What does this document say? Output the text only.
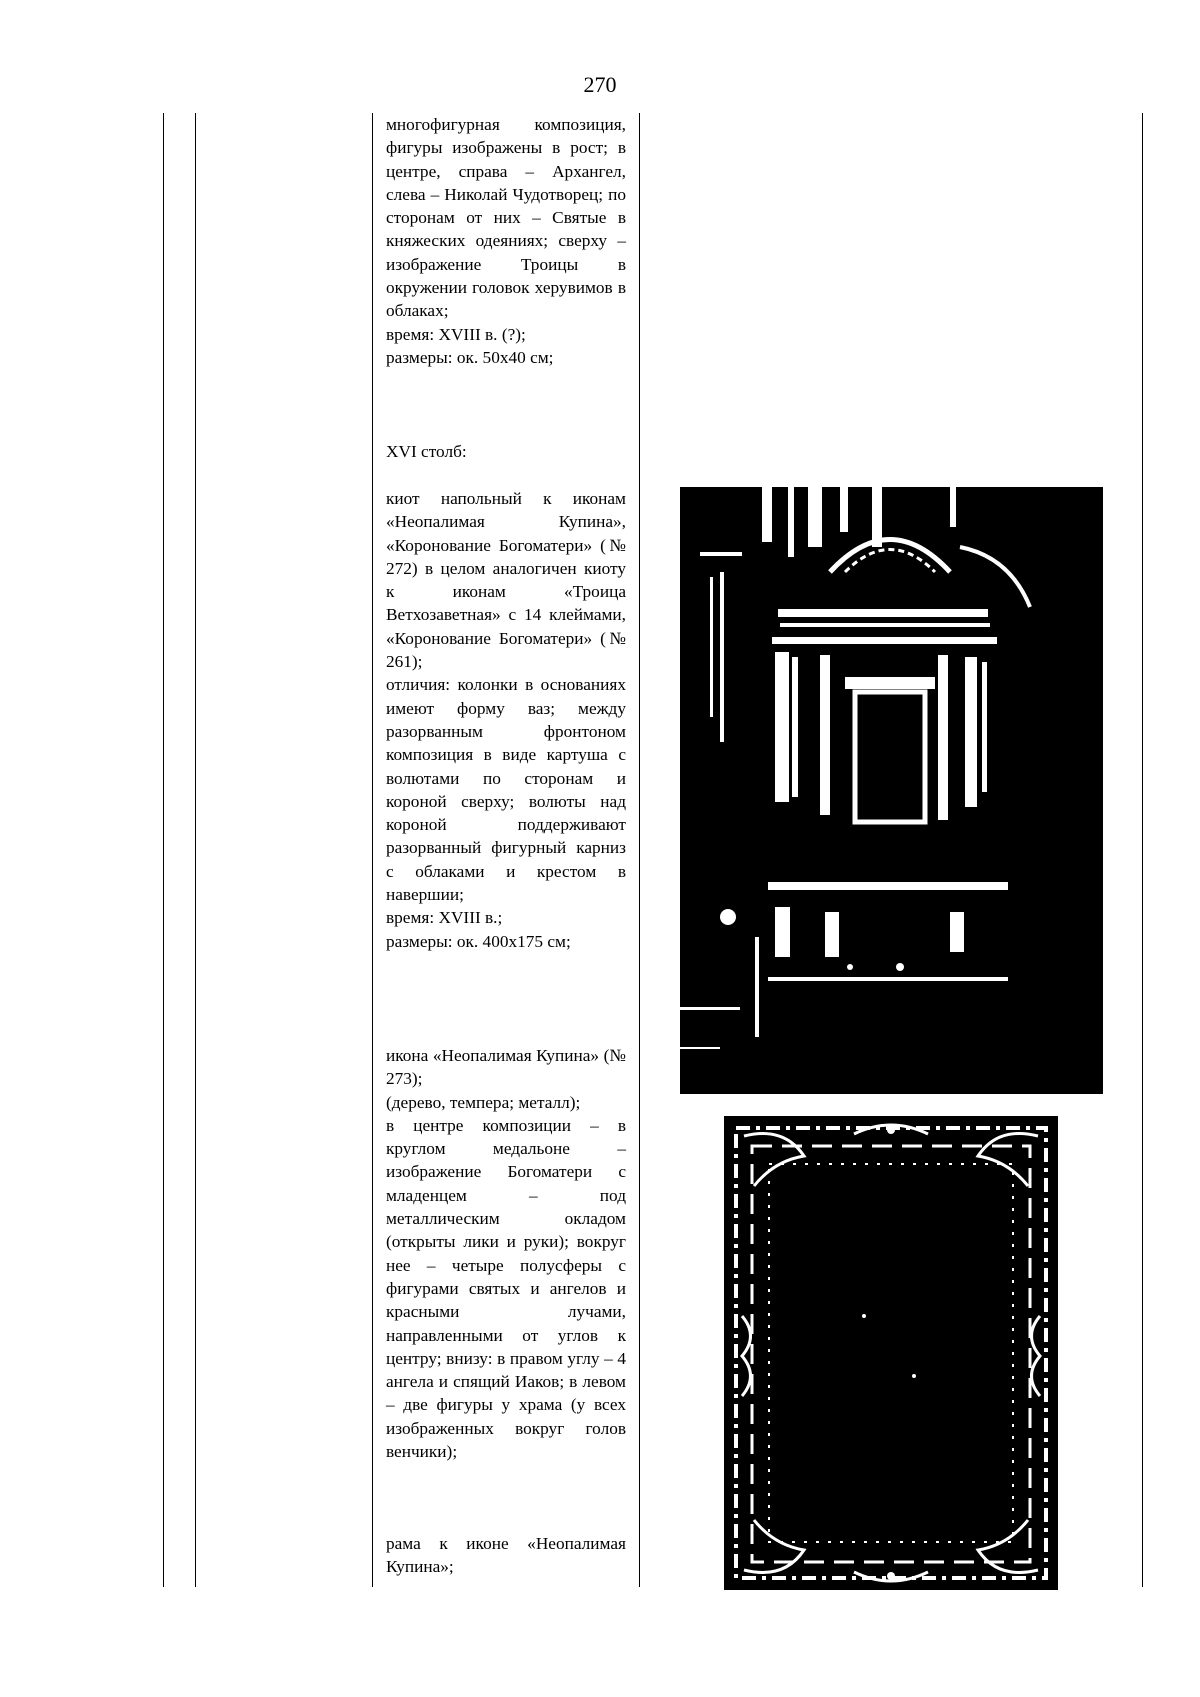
270

многофигурная композиция, фигуры изображены в рост; в центре, справа – Архангел, слева – Николай Чудотворец; по сторонам от них – Святые в княжеских одеяниях; сверху – изображение Троицы в окружении головок херувимов в облаках;

время: XVIII в. (?);

размеры: ок. 50х40 см;

XVI столб:

киот напольный к иконам «Неопалимая Купина», «Коронование Богоматери» (№ 272) в целом аналогичен киоту к иконам «Троица Ветхозаветная» с 14 клеймами, «Коронование Богоматери» (№ 261);

отличия: колонки в основаниях имеют форму ваз; между разорванным фронтоном композиция в виде картуша с волютами по сторонам и короной сверху; волюты над короной поддерживают разорванный фигурный карниз с облаками и крестом в навершии;

время: XVIII в.;

размеры: ок. 400х175 см;

икона «Неопалимая Купина» (№ 273);

(дерево, темпера; металл);

в центре композиции – в круглом медальоне – изображение Богоматери с младенцем – под металлическим окладом (открыты лики и руки); вокруг нее – четыре полусферы с фигурами святых и ангелов и красными лучами, направленными от углов к центру; внизу: в правом углу – 4 ангела и спящий Иаков; в левом – две фигуры у храма (у всех изображенных вокруг голов венчики);

рама к иконе «Неопалимая Купина»;
